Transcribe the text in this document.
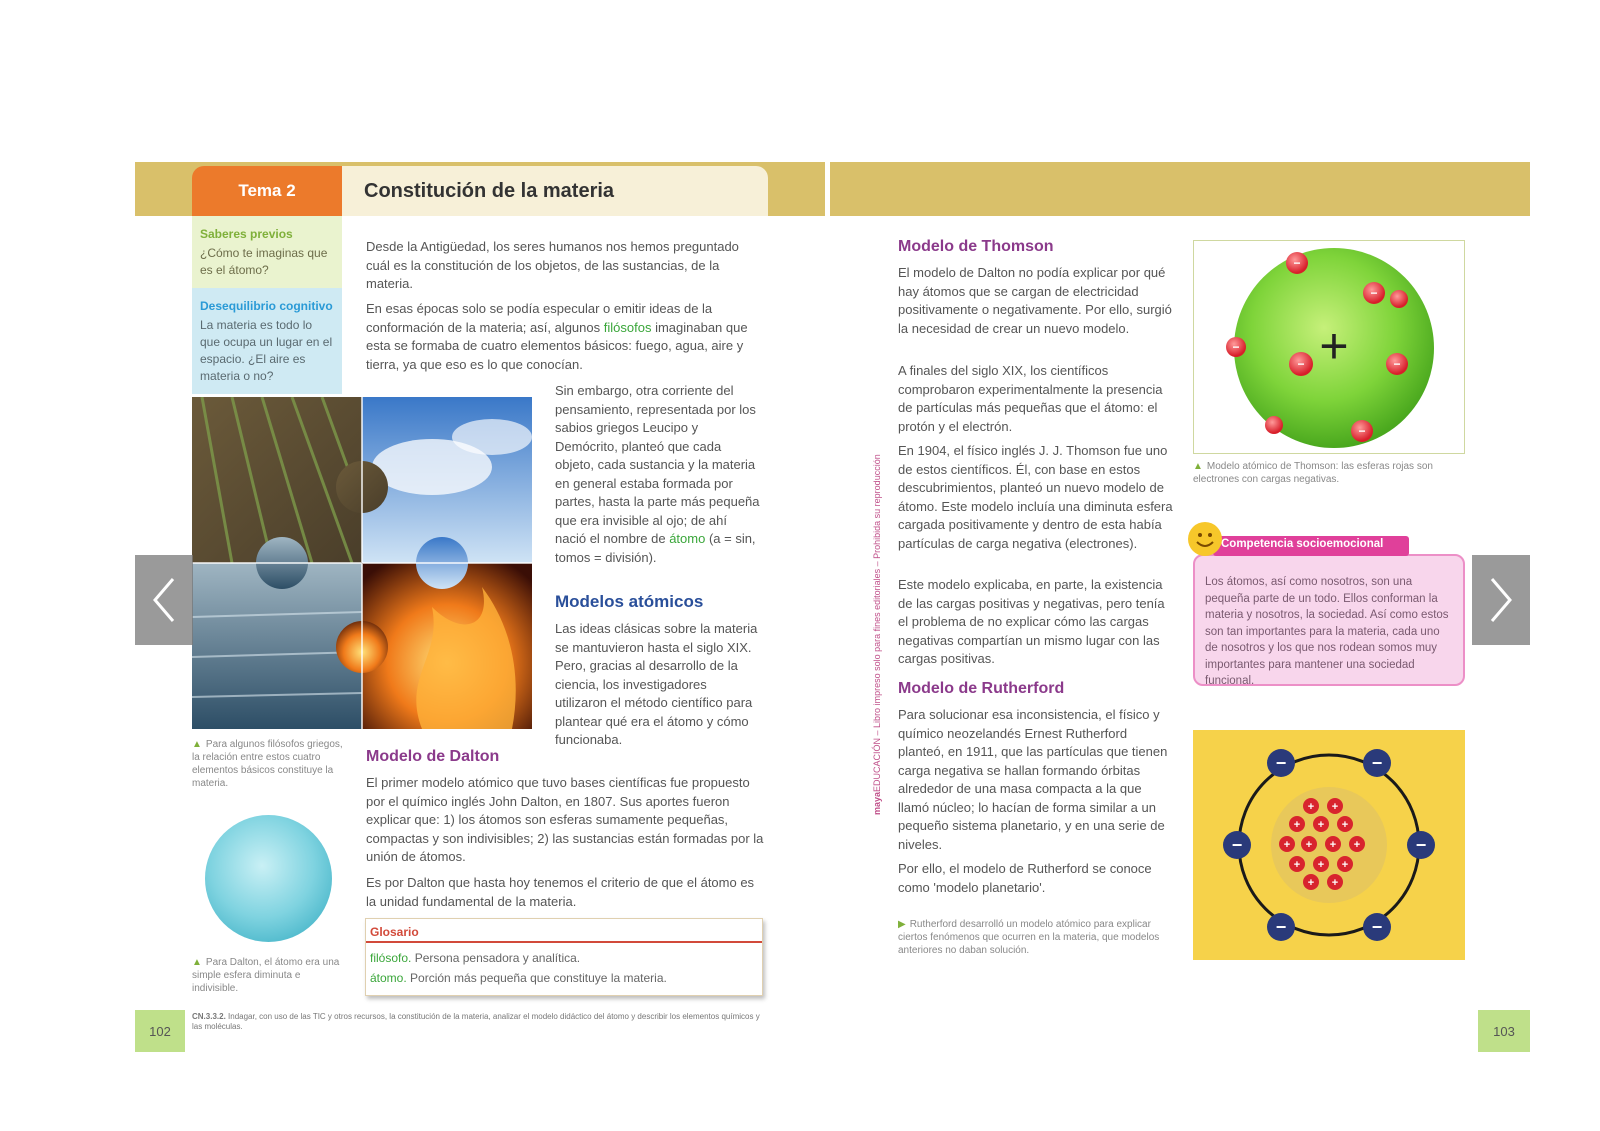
Tema 2	Constitución de la materia
Saberes previos
¿Cómo te imaginas que es el átomo?
Desequilibrio cognitivo
La materia es todo lo que ocupa un lugar en el espacio. ¿El aire es materia o no?
Desde la Antigüedad, los seres humanos nos hemos preguntado cuál es la constitución de los objetos, de las sustancias, de la materia.
En esas épocas solo se podía especular o emitir ideas de la conformación de la materia; así, algunos filósofos imaginaban que esta se formaba de cuatro elementos básicos: fuego, agua, aire y tierra, ya que eso es lo que conocían.
Sin embargo, otra corriente del pensamiento, representada por los sabios griegos Leucipo y Demócrito, planteó que cada objeto, cada sustancia y la materia en general estaba formada por partes, hasta la parte más pequeña que era invisible al ojo; de ahí nació el nombre de átomo (a = sin, tomos = división).
Modelos atómicos
Las ideas clásicas sobre la materia se mantuvieron hasta el siglo XIX. Pero, gracias al desarrollo de la ciencia, los investigadores utilizaron el método científico para plantear qué era el átomo y cómo funcionaba.
▲ Para algunos filósofos griegos, la relación entre estos cuatro elementos básicos constituye la materia.
Modelo de Dalton
El primer modelo atómico que tuvo bases científicas fue propuesto por el químico inglés John Dalton, en 1807. Sus aportes fueron explicar que: 1) los átomos son esferas sumamente pequeñas, compactas y son indivisibles; 2) las sustancias están formadas por la unión de átomos.
Es por Dalton que hasta hoy tenemos el criterio de que el átomo es la unidad fundamental de la materia.
▲ Para Dalton, el átomo era una simple esfera diminuta e indivisible.
Glosario
filósofo. Persona pensadora y analítica.
átomo. Porción más pequeña que constituye la materia.
102
CN.3.3.2. Indagar, con uso de las TIC y otros recursos, la constitución de la materia, analizar el modelo didáctico del átomo y describir los elementos químicos y las moléculas.
mayaEDUCACIÓN – Libro impreso solo para fines editoriales – Prohibida su reproducción
Modelo de Thomson
El modelo de Dalton no podía explicar por qué hay átomos que se cargan de electricidad positivamente o negativamente. Por ello, surgió la necesidad de crear un nuevo modelo.
A finales del siglo XIX, los científicos comprobaron experimentalmente la presencia de partículas más pequeñas que el átomo: el protón y el electrón.
En 1904, el físico inglés J. J. Thomson fue uno de estos científicos. Él, con base en estos descubrimientos, planteó un nuevo modelo de átomo. Este modelo incluía una diminuta esfera cargada positivamente y dentro de esta había partículas de carga negativa (electrones).
Este modelo explicaba, en parte, la existencia de las cargas positivas y negativas, pero tenía el problema de no explicar cómo las cargas negativas compartían un mismo lugar con las cargas positivas.
−
−
−
−	−
−
+
▲ Modelo atómico de Thomson: las esferas rojas son electrones con cargas negativas.
Los átomos, así como nosotros, son una pequeña parte de un todo. Ellos conforman la materia y nosotros, la sociedad. Así como estos son tan importantes para la materia, cada uno de nosotros y los que nos rodean somos muy importantes para mantener una sociedad funcional.
Competencia socioemocional
Modelo de Rutherford
Para solucionar esa inconsistencia, el físico y químico neozelandés Ernest Rutherford planteó, en 1911, que las partículas que tienen carga negativa se hallan formando órbitas alrededor de una masa compacta a la que llamó núcleo; lo hacían de forma similar a un pequeño sistema planetario, y en una serie de niveles.
Por ello, el modelo de Rutherford se conoce como 'modelo planetario'.
▶ Rutherford desarrolló un modelo atómico para explicar ciertos fenómenos que ocurren en la materia, que modelos anteriores no daban solución.
+ +
+ + +
+ + + +
+ + +
+ +
−	−
−	−
−	−
103
